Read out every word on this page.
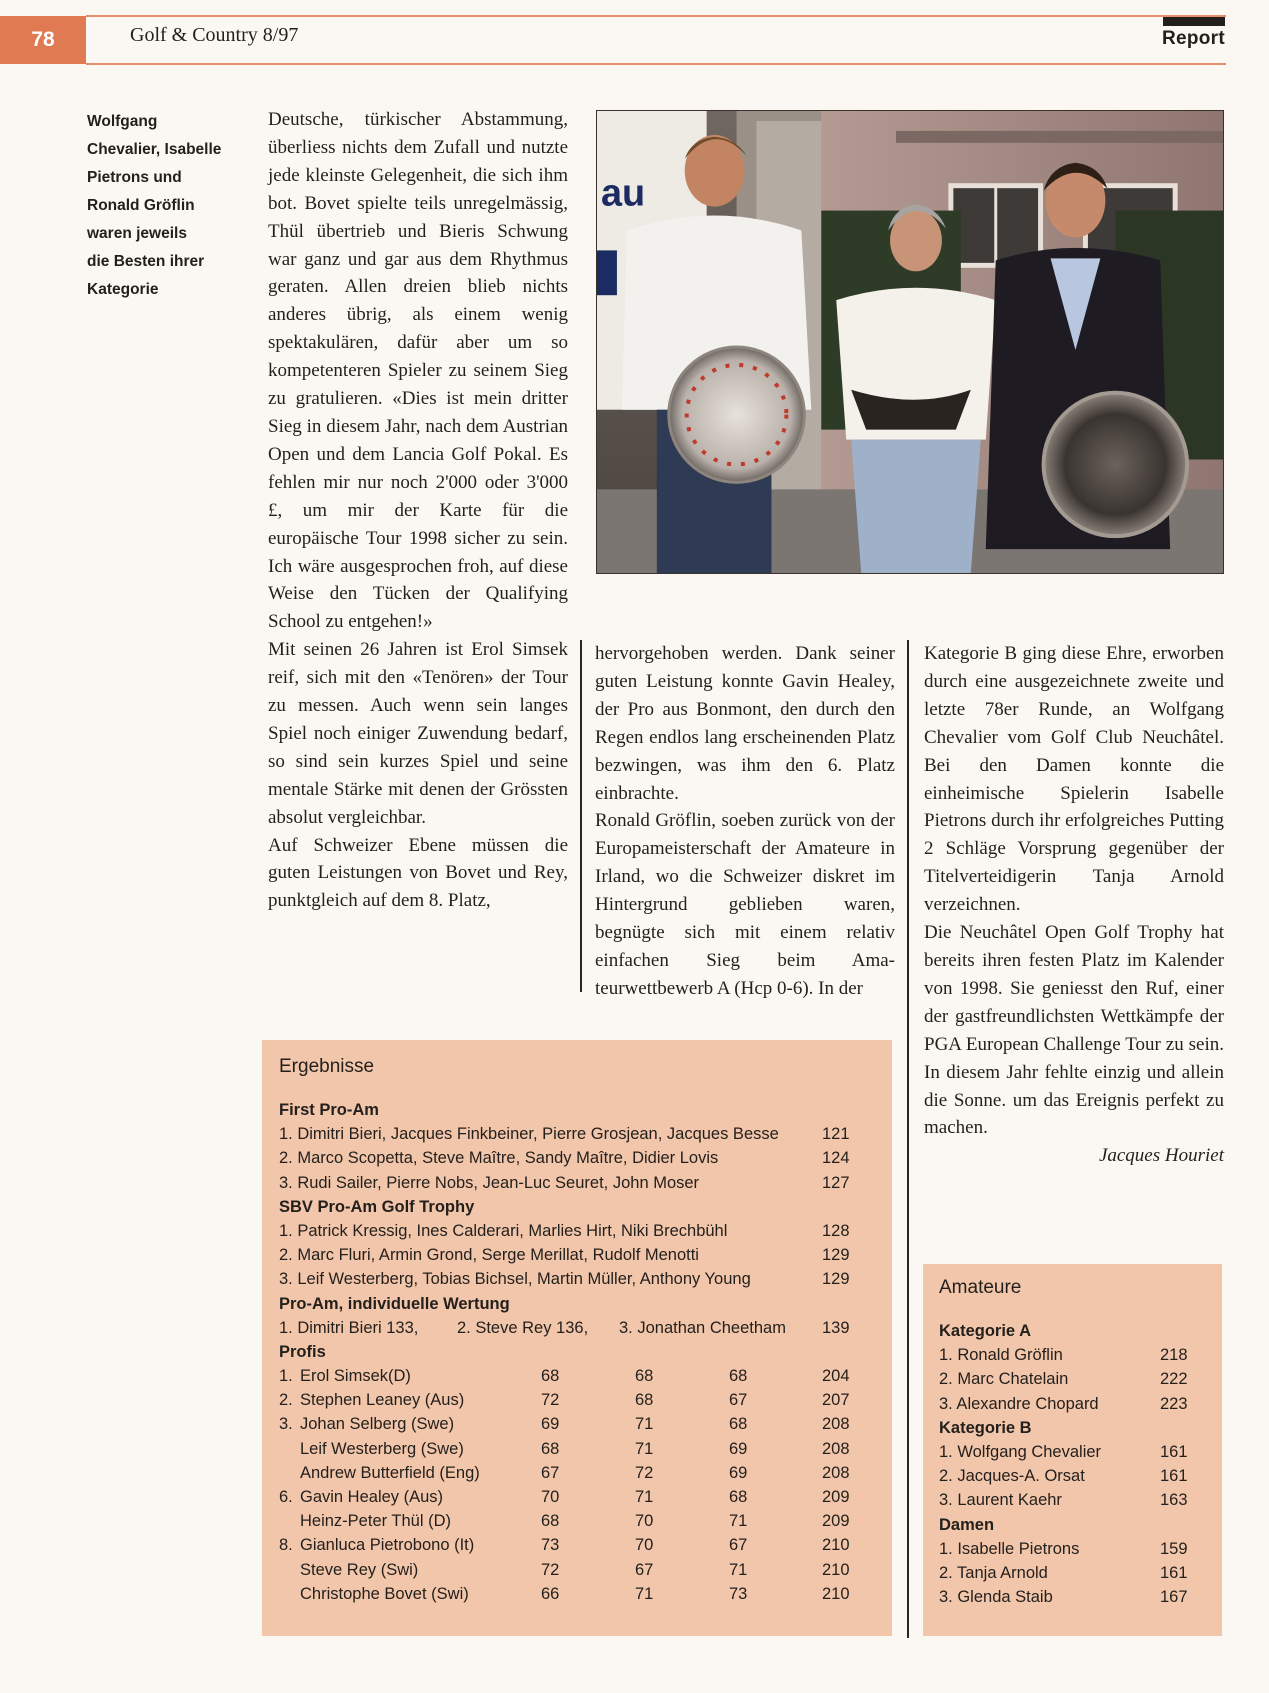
78	Golf & Country 8/97	Report
Wolfgang
Chevalier, Isabelle
Pietrons und
Ronald Gröflin
waren jeweils
die Besten ihrer
Kategorie

Deutsche, türkischer Abstammung, überliess nichts dem Zufall und nutzte jede kleinste Gelegenheit, die sich ihm bot. Bovet spielte teils unregelmässig, Thül übertrieb und Bieris Schwung war ganz und gar aus dem Rhythmus geraten. Allen dreien blieb nichts anderes übrig, als einem wenig spektakulären, dafür aber um so kompetenteren Spieler zu seinem Sieg zu gratulieren. «Dies ist mein dritter Sieg in diesem Jahr, nach dem Austrian Open und dem Lancia Golf Pokal. Es fehlen mir nur noch 2'000 oder 3'000 £, um mir der Karte für die europäische Tour 1998 sicher zu sein. Ich wäre ausgesprochen froh, auf diese Weise den Tücken der Qualifying School zu entgehen!»

Mit seinen 26 Jahren ist Erol Simsek reif, sich mit den «Tenören» der Tour zu messen. Auch wenn sein langes Spiel noch einiger Zuwendung bedarf, so sind sein kurzes Spiel und seine mentale Stärke mit denen der Grössten absolut vergleichbar.

Auf Schweizer Ebene müssen die guten Leistungen von Bovet und Rey, punktgleich auf dem 8. Platz,

au

hervorgehoben werden. Dank seiner guten Leistung konnte Gavin Healey, der Pro aus Bonmont, den durch den Regen endlos lang erscheinenden Platz bezwingen, was ihm den 6. Platz einbrachte.

Ronald Gröflin, soeben zurück von der Europameisterschaft der Amateure in Irland, wo die Schweizer diskret im Hintergrund geblieben waren, begnügte sich mit einem relativ einfachen Sieg beim Amateurwettbewerb A (Hcp 0-6). In der

Kategorie B ging diese Ehre, erworben durch eine ausgezeichnete zweite und letzte 78er Runde, an Wolfgang Chevalier vom Golf Club Neuchâtel. Bei den Damen konnte die einheimische Spielerin Isabelle Pietrons durch ihr erfolgreiches Putting 2 Schläge Vorsprung gegenüber der Titelverteidigerin Tanja Arnold verzeichnen.

Die Neuchâtel Open Golf Trophy hat bereits ihren festen Platz im Kalender von 1998. Sie geniesst den Ruf, einer der gastfreundlichsten Wettkämpfe der PGA European Challenge Tour zu sein. In diesem Jahr fehlte einzig und allein die Sonne. um das Ereignis perfekt zu machen.

Jacques Houriet

Ergebnisse
First Pro-Am
1. Dimitri Bieri, Jacques Finkbeiner, Pierre Grosjean, Jacques Besse	121
2. Marco Scopetta, Steve Maître, Sandy Maître, Didier Lovis	124
3. Rudi Sailer, Pierre Nobs, Jean-Luc Seuret, John Moser	127
SBV Pro-Am Golf Trophy
1. Patrick Kressig, Ines Calderari, Marlies Hirt, Niki Brechbühl	128
2. Marc Fluri, Armin Grond, Serge Merillat, Rudolf Menotti	129
3. Leif Westerberg, Tobias Bichsel, Martin Müller, Anthony Young	129
Pro-Am, individuelle Wertung
1. Dimitri Bieri 133, 2. Steve Rey 136, 3. Jonathan Cheetham 139
Profis
1. Erol Simsek(D)	68	68	68	204
2. Stephen Leaney (Aus)	72	68	67	207
3. Johan Selberg (Swe)	69	71	68	208
Leif Westerberg (Swe)	68	71	69	208
Andrew Butterfield (Eng)	67	72	69	208
6. Gavin Healey (Aus)	70	71	68	209
Heinz-Peter Thül (D)	68	70	71	209
8. Gianluca Pietrobono (It)	73	70	67	210
Steve Rey (Swi)	72	67	71	210
Christophe Bovet (Swi)	66	71	73	210
Amateure
Kategorie A
1. Ronald Gröflin	218
2. Marc Chatelain	222
3. Alexandre Chopard	223
Kategorie B
1. Wolfgang Chevalier	161
2. Jacques-A. Orsat	161
3. Laurent Kaehr	163
Damen
1. Isabelle Pietrons	159
2. Tanja Arnold	161
3. Glenda Staib	167
